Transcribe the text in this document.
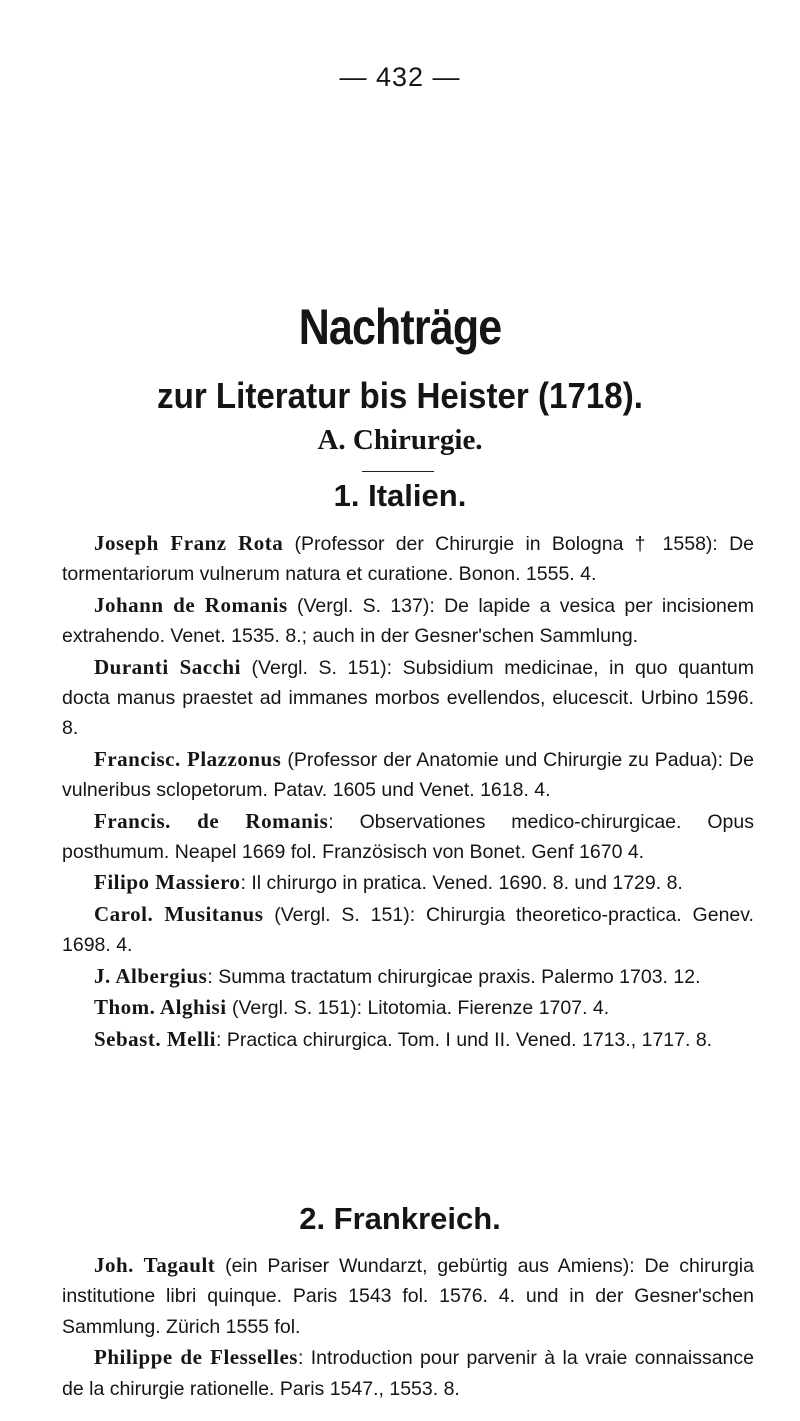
— 432 —
Nachträge
zur Literatur bis Heister (1718).
A. Chirurgie.
1. Italien.

Joseph Franz Rota (Professor der Chirurgie in Bologna † 1558): De tormentariorum vulnerum natura et curatione. Bonon. 1555. 4.

Johann de Romanis (Vergl. S. 137): De lapide a vesica per incisionem extrahendo. Venet. 1535. 8.; auch in der Gesner'schen Sammlung.

Duranti Sacchi (Vergl. S. 151): Subsidium medicinae, in quo quantum docta manus praestet ad immanes morbos evellendos, elucescit. Urbino 1596. 8.

Francisc. Plazzonus (Professor der Anatomie und Chirurgie zu Padua): De vulneribus sclopetorum. Patav. 1605 und Venet. 1618. 4.

Francis. de Romanis: Observationes medico-chirurgicae. Opus posthumum. Neapel 1669 fol. Französisch von Bonet. Genf 1670 4.

Filipo Massiero: Il chirurgo in pratica. Vened. 1690. 8. und 1729. 8.

Carol. Musitanus (Vergl. S. 151): Chirurgia theoretico-practica. Genev. 1698. 4.

J. Albergius: Summa tractatum chirurgicae praxis. Palermo 1703. 12.

Thom. Alghisi (Vergl. S. 151): Litotomia. Fierenze 1707. 4.

Sebast. Melli: Practica chirurgica. Tom. I und II. Vened. 1713., 1717. 8.

2. Frankreich.

Joh. Tagault (ein Pariser Wundarzt, gebürtig aus Amiens): De chirurgia institutione libri quinque. Paris 1543 fol. 1576. 4. und in der Gesner'schen Sammlung. Zürich 1555 fol.

Philippe de Flesselles: Introduction pour parvenir à la vraie connaissance de la chirurgie rationelle. Paris 1547., 1553. 8.
